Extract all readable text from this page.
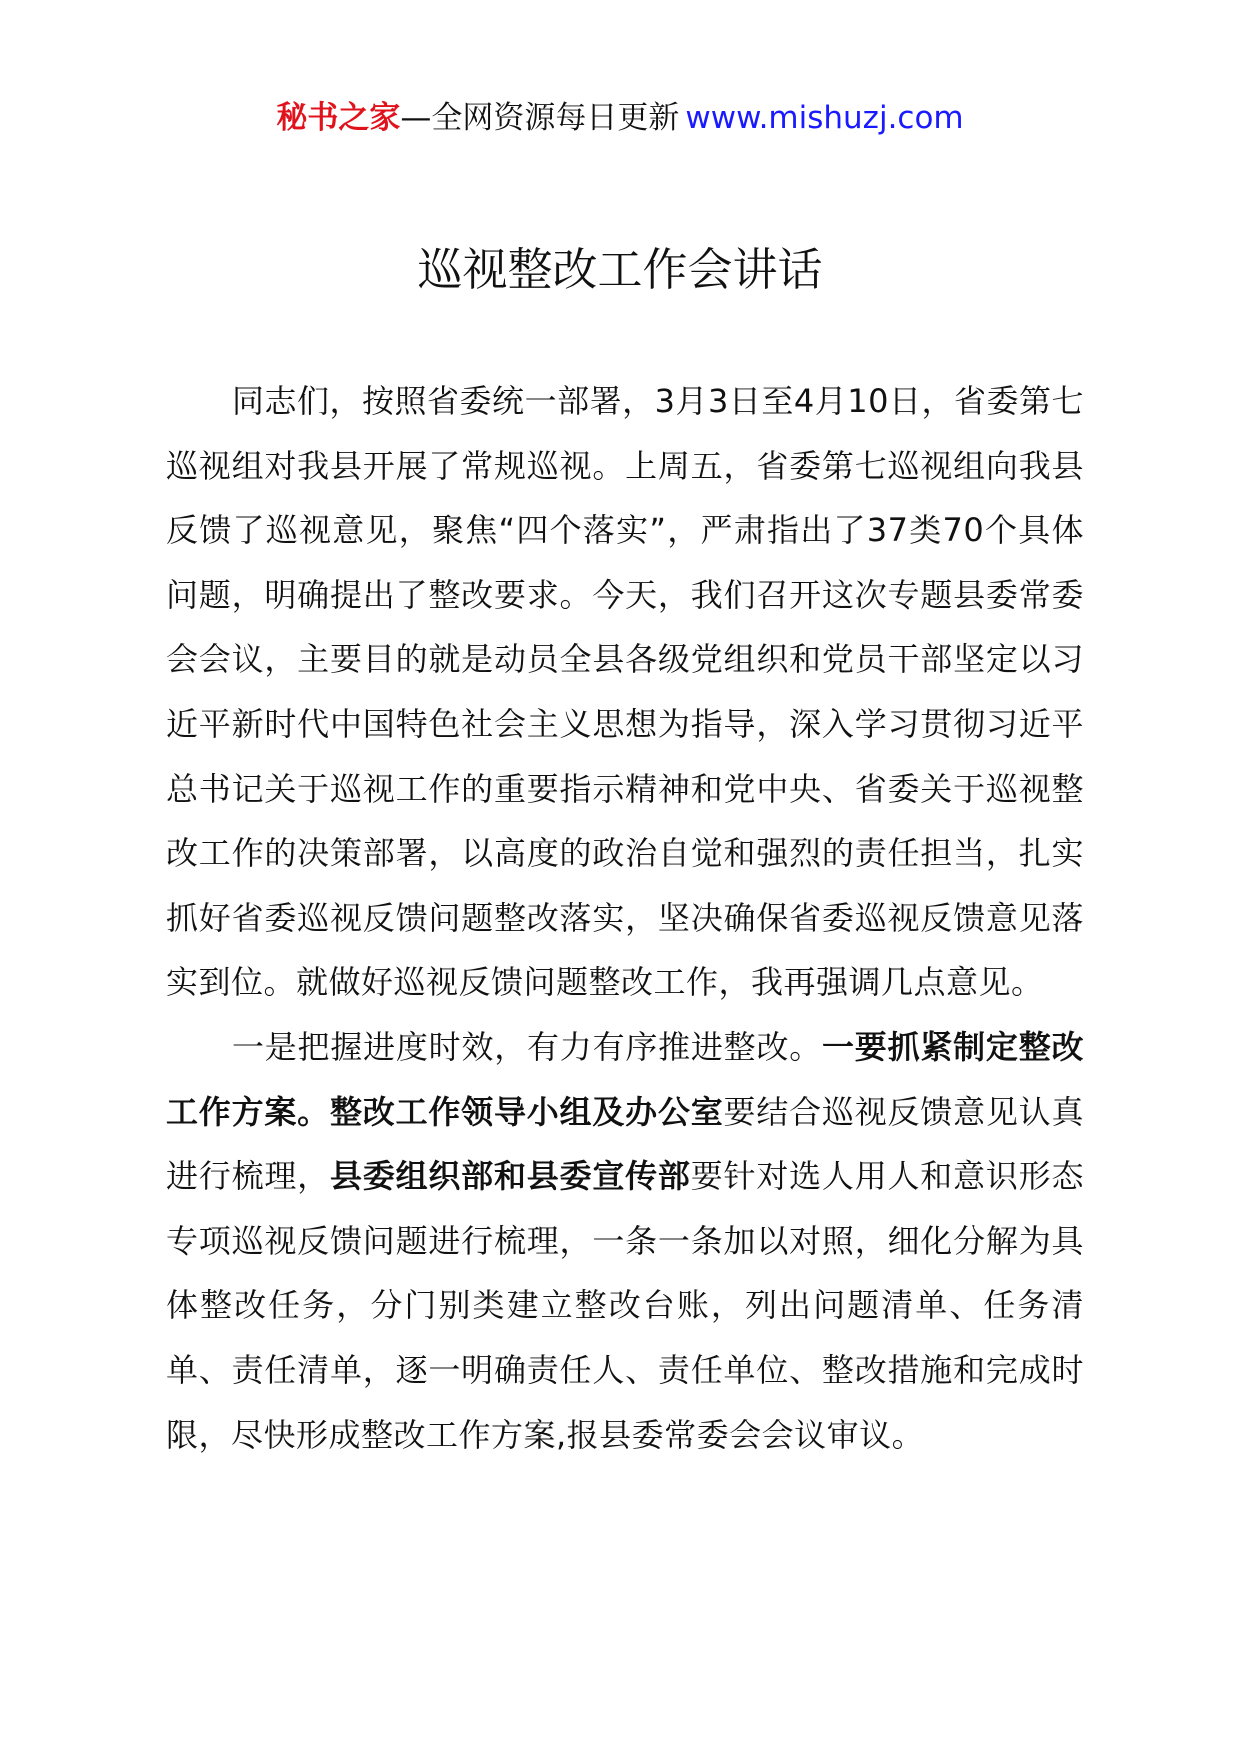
秘书之家—全网资源每日更新 www.mishuzj.com
巡视整改工作会讲话

同志们，按照省委统一部署，3月3日至4月10日，省委第七巡视组对我县开展了常规巡视。上周五，省委第七巡视组向我县反馈了巡视意见，聚焦“四个落实”，严肃指出了37类70个具体问题，明确提出了整改要求。今天，我们召开这次专题县委常委会会议，主要目的就是动员全县各级党组织和党员干部坚定以习近平新时代中国特色社会主义思想为指导，深入学习贯彻习近平总书记关于巡视工作的重要指示精神和党中央、省委关于巡视整改工作的决策部署，以高度的政治自觉和强烈的责任担当，扎实抓好省委巡视反馈问题整改落实，坚决确保省委巡视反馈意见落实到位。就做好巡视反馈问题整改工作，我再强调几点意见。

一是把握进度时效，有力有序推进整改。一要抓紧制定整改工作方案。整改工作领导小组及办公室要结合巡视反馈意见认真进行梳理，县委组织部和县委宣传部要针对选人用人和意识形态专项巡视反馈问题进行梳理，一条一条加以对照，细化分解为具体整改任务，分门别类建立整改台账，列出问题清单、任务清单、责任清单，逐一明确责任人、责任单位、整改措施和完成时限，尽快形成整改工作方案,报县委常委会会议审议。
